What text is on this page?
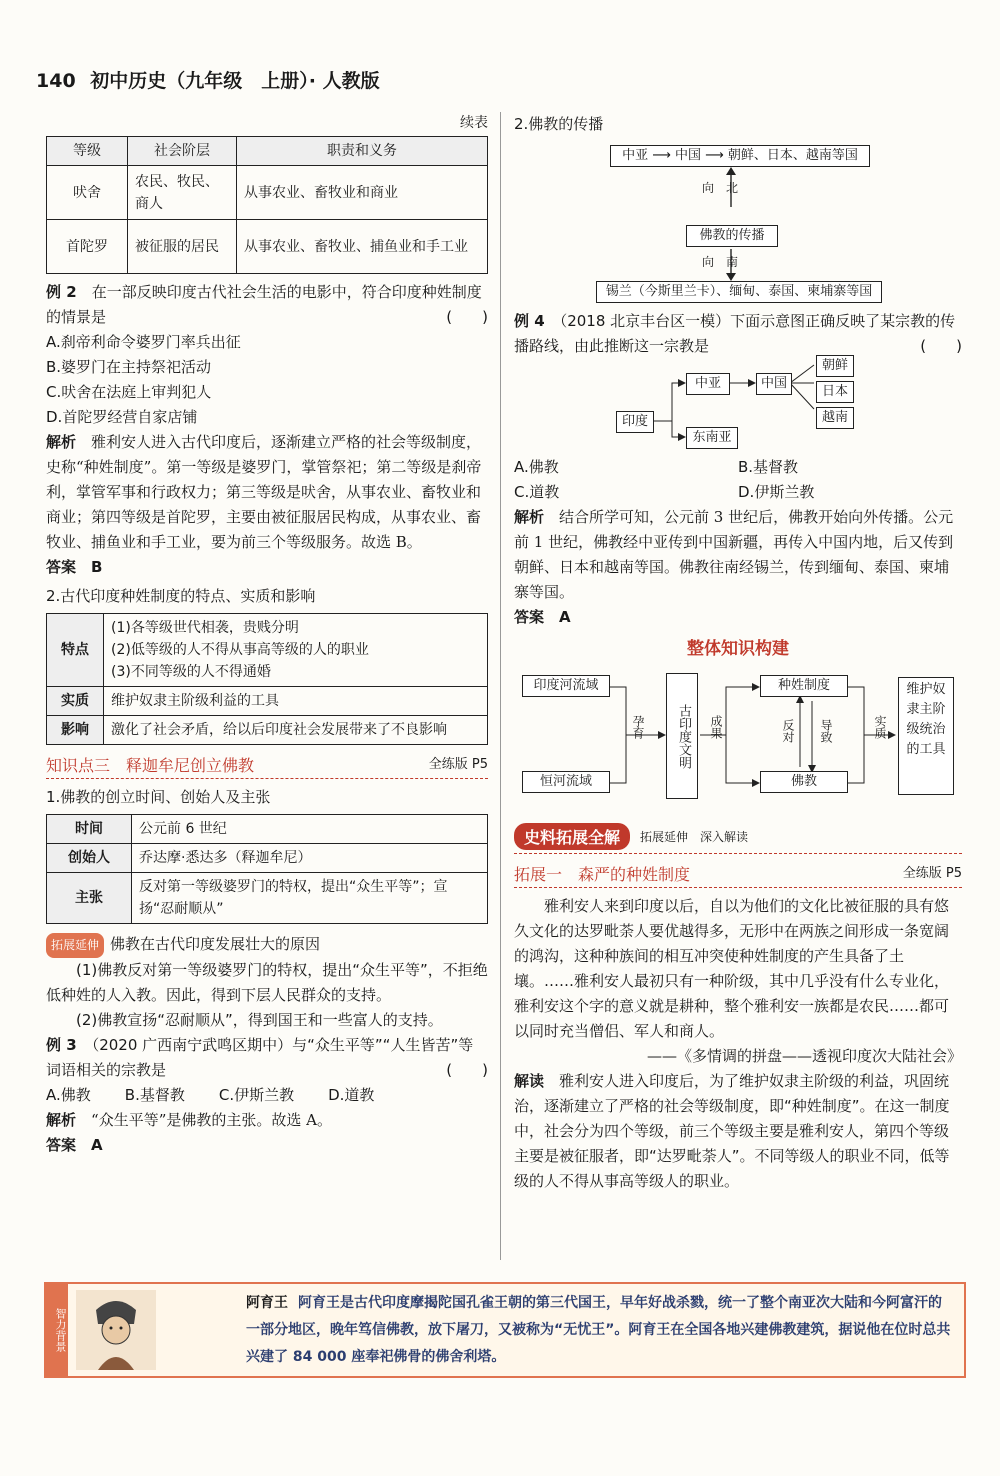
140 初中历史（九年级　上册）· 人教版
续表
等级	社会阶层	职责和义务
吠舍	农民、牧民、商人	从事农业、畜牧业和商业
首陀罗	被征服的居民	从事农业、畜牧业、捕鱼业和手工业

例 2　 在一部反映印度古代社会生活的电影中，符合印度种姓制度的情景是	(　　)

A.刹帝利命令婆罗门率兵出征

B.婆罗门在主持祭祀活动

C.吠舍在法庭上审判犯人

D.首陀罗经营自家店铺

解析　 雅利安人进入古代印度后，逐渐建立严格的社会等级制度，史称“种姓制度”。第一等级是婆罗门，掌管祭祀；第二等级是刹帝利，掌管军事和行政权力；第三等级是吠舍，从事农业、畜牧业和商业；第四等级是首陀罗，主要由被征服居民构成，从事农业、畜牧业、捕鱼业和手工业，要为前三个等级服务。故选 B。

答案　 B

2.古代印度种姓制度的特点、实质和影响

特点	(1)各等级世代相袭，贵贱分明
(2)低等级的人不得从事高等级的人的职业
(3)不同等级的人不得通婚

实质	维护奴隶主阶级利益的工具
影响	激化了社会矛盾，给以后印度社会发展带来了不良影响
知识点三　释迦牟尼创立佛教	全练版 P5

1.佛教的创立时间、创始人及主张

时间	公元前 6 世纪
创始人	乔达摩·悉达多（释迦牟尼）
主张	反对第一等级婆罗门的特权，提出“众生平等”；宣扬“忍耐顺从”

拓展延伸 佛教在古代印度发展壮大的原因

(1)佛教反对第一等级婆罗门的特权，提出“众生平等”，不拒绝低种姓的人入教。因此，得到下层人民群众的支持。

(2)佛教宣扬“忍耐顺从”，得到国王和一些富人的支持。

例 3　 （2020 广西南宁武鸣区期中）与“众生平等”“人生皆苦”等词语相关的宗教是	(　　)

A.佛教 B.基督教 C.伊斯兰教 D.道教

解析　 “众生平等”是佛教的主张。故选 A。

答案　 A

2.佛教的传播

中亚 ⟶ 中国 ⟶ 朝鲜、日本、越南等国
向　北
佛教的传播
向　南
锡兰（今斯里兰卡）、缅甸、泰国、柬埔寨等国

例 4　 （2018 北京丰台区一模）下面示意图正确反映了某宗教的传播路线，由此推断这一宗教是	(　　)

印度
中亚
东南亚
中国
朝鲜
日本
越南

A.佛教	B.基督教
C.道教	D.伊斯兰教

解析　 结合所学可知，公元前 3 世纪后，佛教开始向外传播。公元前 1 世纪，佛教经中亚传到中国新疆，再传入中国内地，后又传到朝鲜、日本和越南等国。佛教往南经锡兰，传到缅甸、泰国、柬埔寨等国。

答案　 A

整体知识构建
印度河流域
恒河流域
孕育	古印度文明	成果
种姓制度
佛教
反对 导致	实质
维护奴隶主阶级统治的工具
史料拓展全解	拓展延伸　深入解读
拓展一　森严的种姓制度	全练版 P5

雅利安人来到印度以后，自以为他们的文化比被征服的具有悠久文化的达罗毗荼人要优越得多，无形中在两族之间形成一条宽阔的鸿沟，这种种族间的相互冲突使种姓制度的产生具备了土壤。……雅利安人最初只有一种阶级，其中几乎没有什么专业化，雅利安这个字的意义就是耕种，整个雅利安一族都是农民……都可以同时充当僧侣、军人和商人。

——《多情调的拼盘——透视印度次大陆社会》

解读　 雅利安人进入印度后，为了维护奴隶主阶级的利益，巩固统治，逐渐建立了严格的社会等级制度，即“种姓制度”。在这一制度中，社会分为四个等级，前三个等级主要是雅利安人，第四个等级主要是被征服者，即“达罗毗荼人”。不同等级人的职业不同，低等级的人不得从事高等级人的职业。

智力背景
阿育王 阿育王是古代印度摩揭陀国孔雀王朝的第三代国王，早年好战杀戮，统一了整个南亚次大陆和今阿富汗的一部分地区，晚年笃信佛教，放下屠刀，又被称为“无忧王”。阿育王在全国各地兴建佛教建筑，据说他在位时总共兴建了 84 000 座奉祀佛骨的佛舍利塔。
